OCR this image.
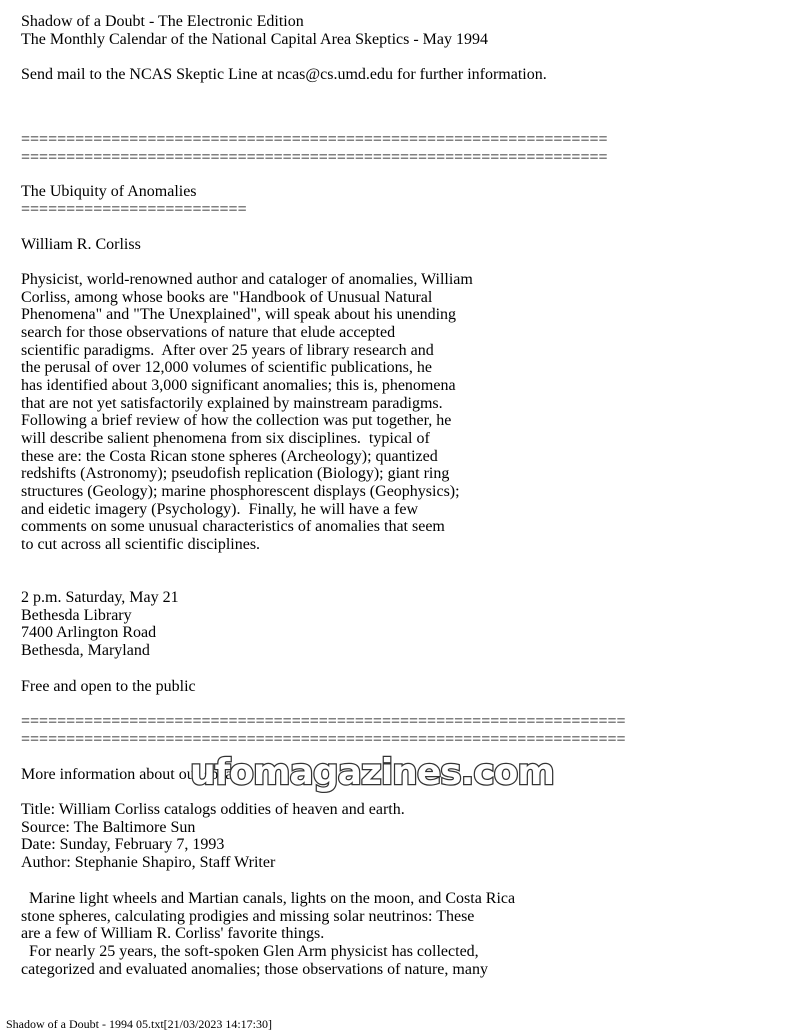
Shadow of a Doubt - The Electronic Edition
The Monthly Calendar of the National Capital Area Skeptics - May 1994
Send mail to the NCAS Skeptic Line at ncas@cs.umd.edu for further information.
=================================================================
=================================================================
The Ubiquity of Anomalies
=========================
William R. Corliss
Physicist, world-renowned author and cataloger of anomalies, William
Corliss, among whose books are "Handbook of Unusual Natural
Phenomena" and "The Unexplained", will speak about his unending
search for those observations of nature that elude accepted
scientific paradigms.  After over 25 years of library research and
the perusal of over 12,000 volumes of scientific publications, he
has identified about 3,000 significant anomalies; this is, phenomena
that are not yet satisfactorily explained by mainstream paradigms.
Following a brief review of how the collection was put together, he
will describe salient phenomena from six disciplines.  typical of
these are: the Costa Rican stone spheres (Archeology); quantized
redshifts (Astronomy); pseudofish replication (Biology); giant ring
structures (Geology); marine phosphorescent displays (Geophysics);
and eidetic imagery (Psychology).  Finally, he will have a few
comments on some unusual characteristics of anomalies that seem
to cut across all scientific disciplines.
2 p.m. Saturday, May 21
Bethesda Library
7400 Arlington Road
Bethesda, Maryland
Free and open to the public
===================================================================
===================================================================
More information about our spea
Title: William Corliss catalogs oddities of heaven and earth.
Source: The Baltimore Sun
Date: Sunday, February 7, 1993
Author: Stephanie Shapiro, Staff Writer
Marine light wheels and Martian canals, lights on the moon, and Costa Rica
stone spheres, calculating prodigies and missing solar neutrinos: These
are a few of William R. Corliss' favorite things.
For nearly 25 years, the soft-spoken Glen Arm physicist has collected,
categorized and evaluated anomalies; those observations of nature, many
ufomagazines.com
Shadow of a Doubt - 1994 05.txt[21/03/2023 14:17:30]
